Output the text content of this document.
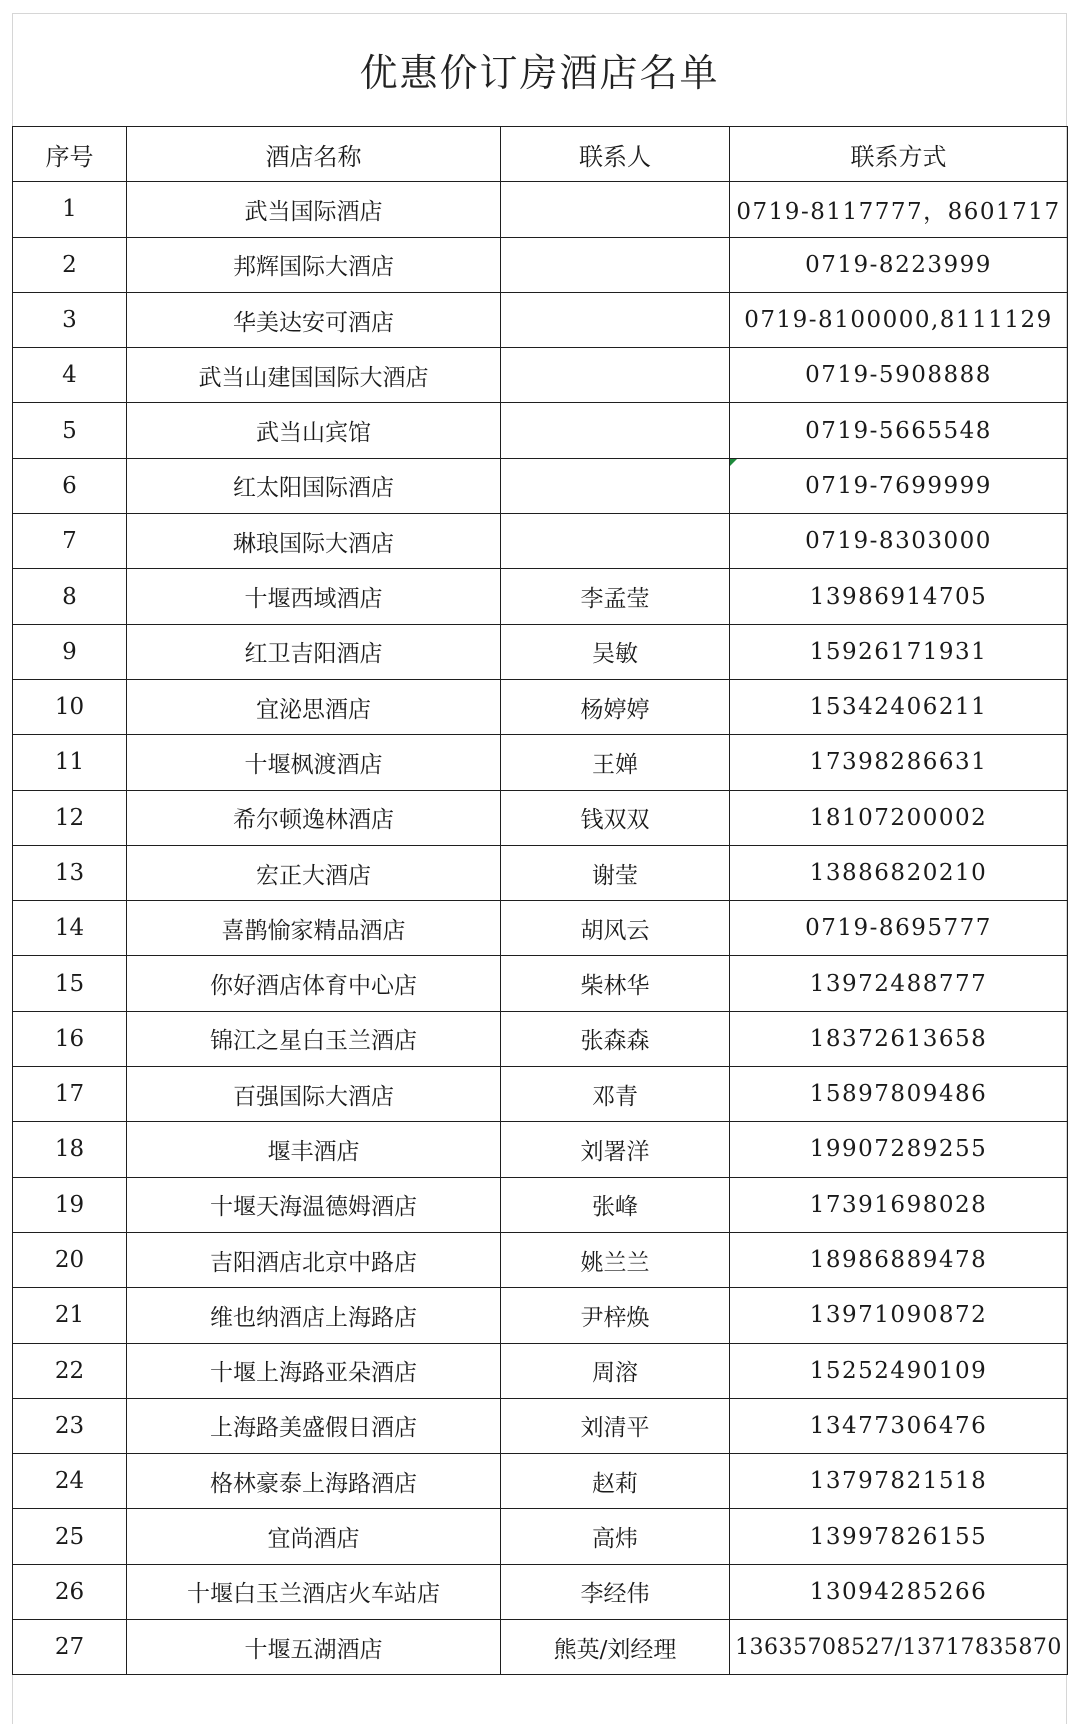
优惠价订房酒店名单
序号	酒店名称	联系人	联系方式
1	武当国际酒店		0719-8117777，8601717
2	邦辉国际大酒店		0719-8223999
3	华美达安可酒店		0719-8100000,8111129
4	武当山建国国际大酒店		0719-5908888
5	武当山宾馆		0719-5665548
6	红太阳国际酒店		0719-7699999
7	琳琅国际大酒店		0719-8303000
8	十堰西域酒店	李孟莹	13986914705
9	红卫吉阳酒店	吴敏	15926171931
10	宜泌思酒店	杨婷婷	15342406211
11	十堰枫渡酒店	王婵	17398286631
12	希尔顿逸林酒店	钱双双	18107200002
13	宏正大酒店	谢莹	13886820210
14	喜鹊愉家精品酒店	胡风云	0719-8695777
15	你好酒店体育中心店	柴林华	13972488777
16	锦江之星白玉兰酒店	张森森	18372613658
17	百强国际大酒店	邓青	15897809486
18	堰丰酒店	刘署洋	19907289255
19	十堰天海温德姆酒店	张峰	17391698028
20	吉阳酒店北京中路店	姚兰兰	18986889478
21	维也纳酒店上海路店	尹梓焕	13971090872
22	十堰上海路亚朵酒店	周溶	15252490109
23	上海路美盛假日酒店	刘清平	13477306476
24	格林豪泰上海路酒店	赵莉	13797821518
25	宜尚酒店	高炜	13997826155
26	十堰白玉兰酒店火车站店	李经伟	13094285266
27	十堰五湖酒店	熊英/刘经理	13635708527/13717835870
